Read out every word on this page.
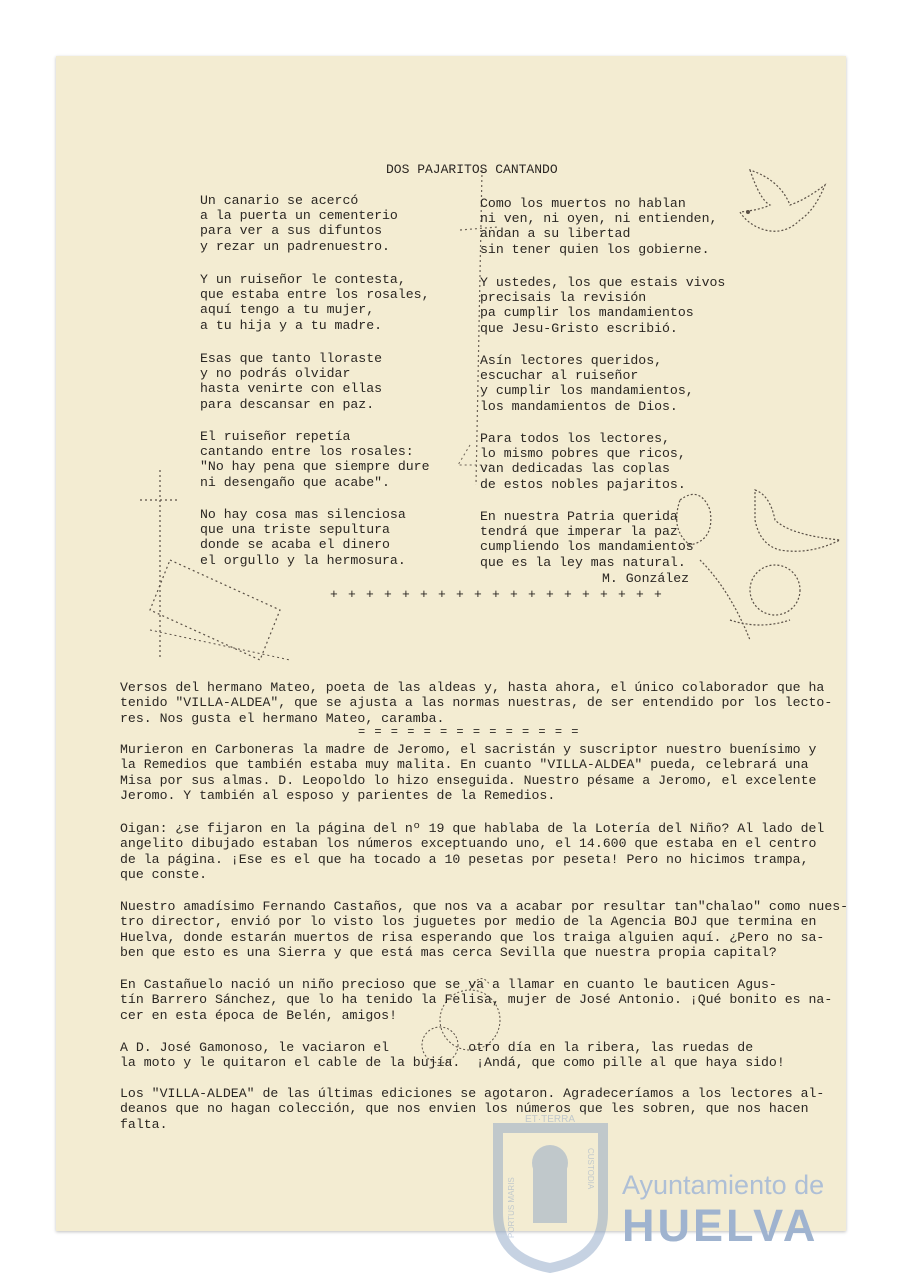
DOS PAJARITOS CANTANDO
Un canario se acercó
a la puerta un cementerio
para ver a sus difuntos
y rezar un padrenuestro.
Y un ruiseñor le contesta,
que estaba entre los rosales,
aquí tengo a tu mujer,
a tu hija y a tu madre.
Esas que tanto lloraste
y no podrás olvidar
hasta venirte con ellas
para descansar en paz.
El ruiseñor repetía
cantando entre los rosales:
"No hay pena que siempre dure
ni desengaño que acabe".
No hay cosa mas silenciosa
que una triste sepultura
donde se acaba el dinero
el orgullo y la hermosura.
Como los muertos no hablan
ni ven, ni oyen, ni entienden,
andan a su libertad
sin tener quien los gobierne.
Y ustedes, los que estais vivos
precisais la revisión
pa cumplir los mandamientos
que Jesu-Gristo escribió.
Asín lectores queridos,
escuchar al ruiseñor
y cumplir los mandamientos,
los mandamientos de Dios.
Para todos los lectores,
lo mismo pobres que ricos,
van dedicadas las coplas
de estos nobles pajaritos.
En nuestra Patria querida
tendrá que imperar la paz
cumpliendo los mandamientos
que es la ley mas natural.
M. González
+ + + + + + + + + + + + + + + + + + +
Versos del hermano Mateo, poeta de las aldeas y, hasta ahora, el único colaborador que ha
tenido "VILLA-ALDEA", que se ajusta a las normas nuestras, de ser entendido por los lecto-
res. Nos gusta el hermano Mateo, caramba.
= = = = = = = = = = = = = =
Murieron en Carboneras la madre de Jeromo, el sacristán y suscriptor nuestro buenísimo y
la Remedios que también estaba muy malita. En cuanto "VILLA-ALDEA" pueda, celebrará una
Misa por sus almas. D. Leopoldo lo hizo enseguida. Nuestro pésame a Jeromo, el excelente
Jeromo. Y también al esposo y parientes de la Remedios.
Oigan: ¿se fijaron en la página del nº 19 que hablaba de la Lotería del Niño? Al lado del
angelito dibujado estaban los números exceptuando uno, el 14.600 que estaba en el centro
de la página. ¡Ese es el que ha tocado a 10 pesetas por peseta! Pero no hicimos trampa,
que conste.
Nuestro amadísimo Fernando Castaños, que nos va a acabar por resultar tan"chalao" como nues-
tro director, envió por lo visto los juguetes por medio de la Agencia BOJ que termina en
Huelva, donde estarán muertos de risa esperando que los traiga alguien aquí. ¿Pero no sa-
ben que esto es una Sierra y que está mas cerca Sevilla que nuestra propia capital?
En Castañuelo nació un niño precioso que se va a llamar en cuanto le bauticen Agus-
tín Barrero Sánchez, que lo ha tenido la Felisa, mujer de José Antonio. ¡Qué bonito es na-
cer en esta época de Belén, amigos!
A D. José Gamonoso, le vaciaron el          otro día en la ribera, las ruedas de
la moto y le quitaron el cable de la bujía.  ¡Andá, que como pille al que haya sido!
Los "VILLA-ALDEA" de las últimas ediciones se agotaron. Agradeceríamos a los lectores al-
deanos que no hagan colección, que nos envien los números que les sobren, que nos hacen
falta.	ET·TERRA
PORTUS MARIS
CUSTODIA Ayuntamiento de
HUELVA
